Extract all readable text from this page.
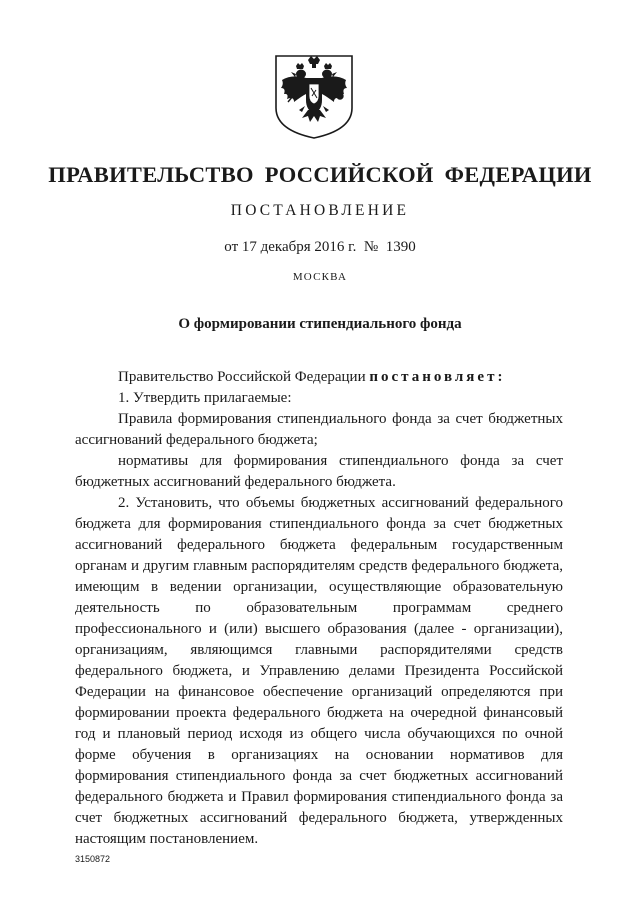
ПРАВИТЕЛЬСТВО РОССИЙСКОЙ ФЕДЕРАЦИИ
ПОСТАНОВЛЕНИЕ
от 17 декабря 2016 г.  №  1390
МОСКВА
О формировании стипендиального фонда

Правительство Российской Федерации постановляет:

1. Утвердить прилагаемые:

Правила формирования стипендиального фонда за счет бюджетных ассигнований федерального бюджета;

нормативы для формирования стипендиального фонда за счет бюджетных ассигнований федерального бюджета.

2. Установить, что объемы бюджетных ассигнований федерального бюджета для формирования стипендиального фонда за счет бюджетных ассигнований федерального бюджета федеральным государственным органам и другим главным распорядителям средств федерального бюджета, имеющим в ведении организации, осуществляющие образовательную деятельность по образовательным программам среднего профессионального и (или) высшего образования (далее - организации), организациям, являющимся главными распорядителями средств федерального бюджета, и Управлению делами Президента Российской Федерации на финансовое обеспечение организаций определяются при формировании проекта федерального бюджета на очередной финансовый год и плановый период исходя из общего числа обучающихся по очной форме обучения в организациях на основании нормативов для формирования стипендиального фонда за счет бюджетных ассигнований федерального бюджета и Правил формирования стипендиального фонда за счет бюджетных ассигнований федерального бюджета, утвержденных настоящим постановлением.

3150872
